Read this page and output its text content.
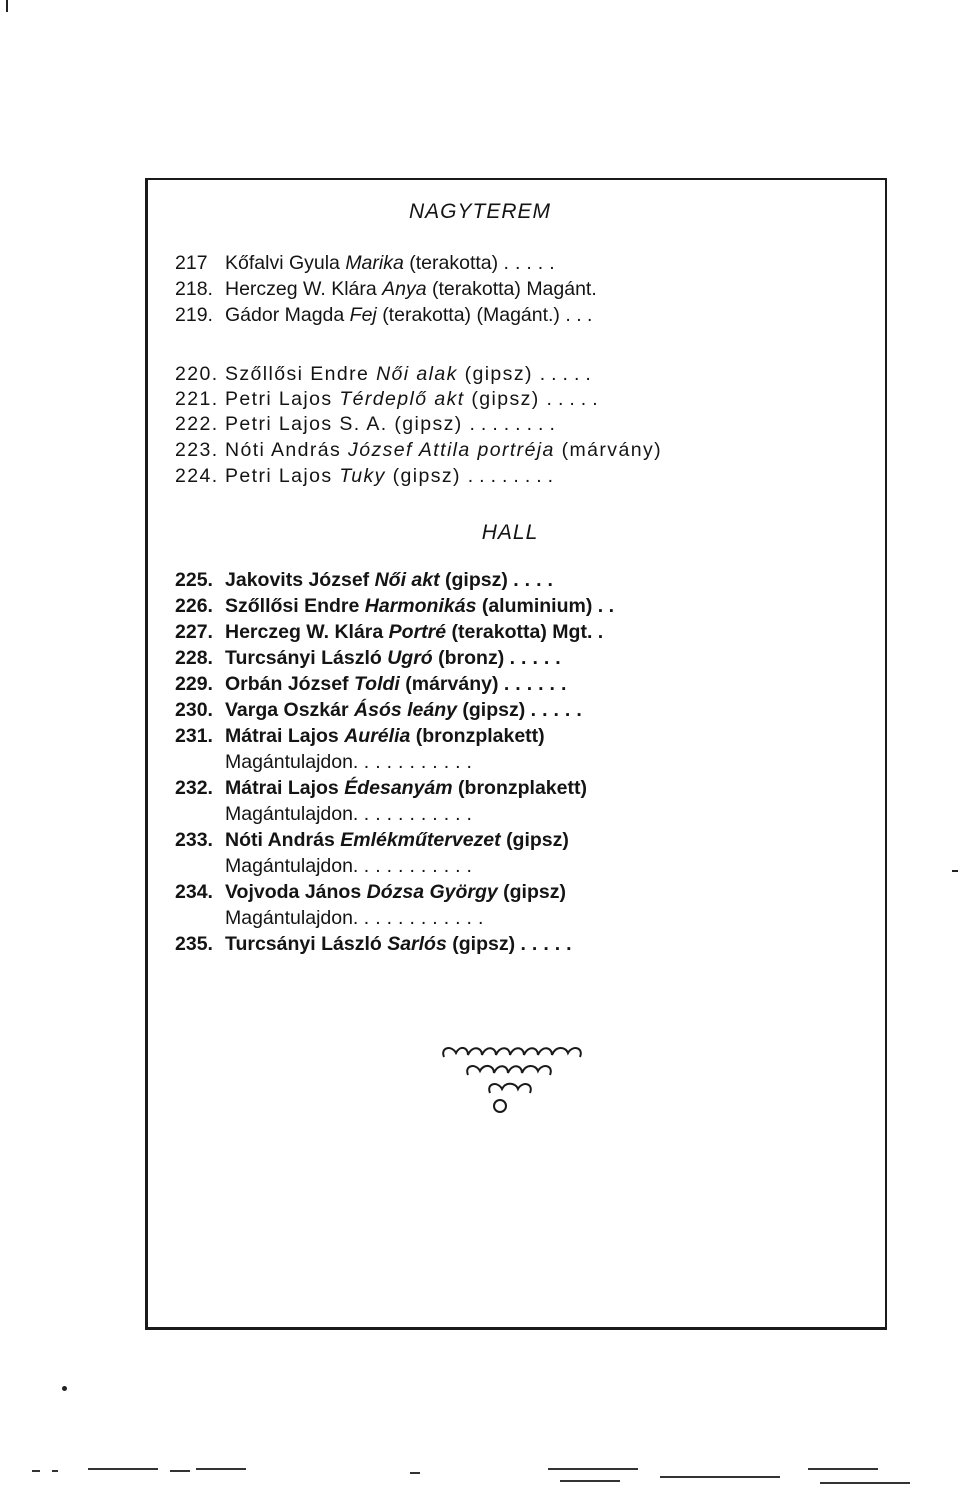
NAGYTEREM
217 Kőfalvi Gyula Marika (terakotta) .....
218. Herczeg W. Klára Anya (terakotta) Magánt.
219. Gádor Magda Fej (terakotta) (Magánt.) . . .
220. Szőllősi Endre Női alak (gipsz) .....
221. Petri Lajos Térdeplő akt (gipsz) .....
222. Petri Lajos S. A. (gipsz) ........
223. Nóti András József Attila portréja (márvány)
224. Petri Lajos Tuky (gipsz) ........
HALL
225. Jakovits József Női akt (gipsz) ....
226. Szőllősi Endre Harmonikás (aluminium) . .
227. Herczeg W. Klára Portré (terakotta) Mgt. .
228. Turcsányi László Ugró (bronz) .....
229. Orbán József Toldi (márvány) ......
230. Varga Oszkár Ásós leány (gipsz) .....
231. Mátrai Lajos Aurélia (bronzplakett)
Magántulajdon. ..........
232. Mátrai Lajos Édesanyám (bronzplakett)
Magántulajdon. ..........
233. Nóti András Emlékműtervezet (gipsz)
Magántulajdon. ..........
234. Vojvoda János Dózsa György (gipsz)
Magántulajdon. ...........
235. Turcsányi László Sarlós (gipsz) .....
